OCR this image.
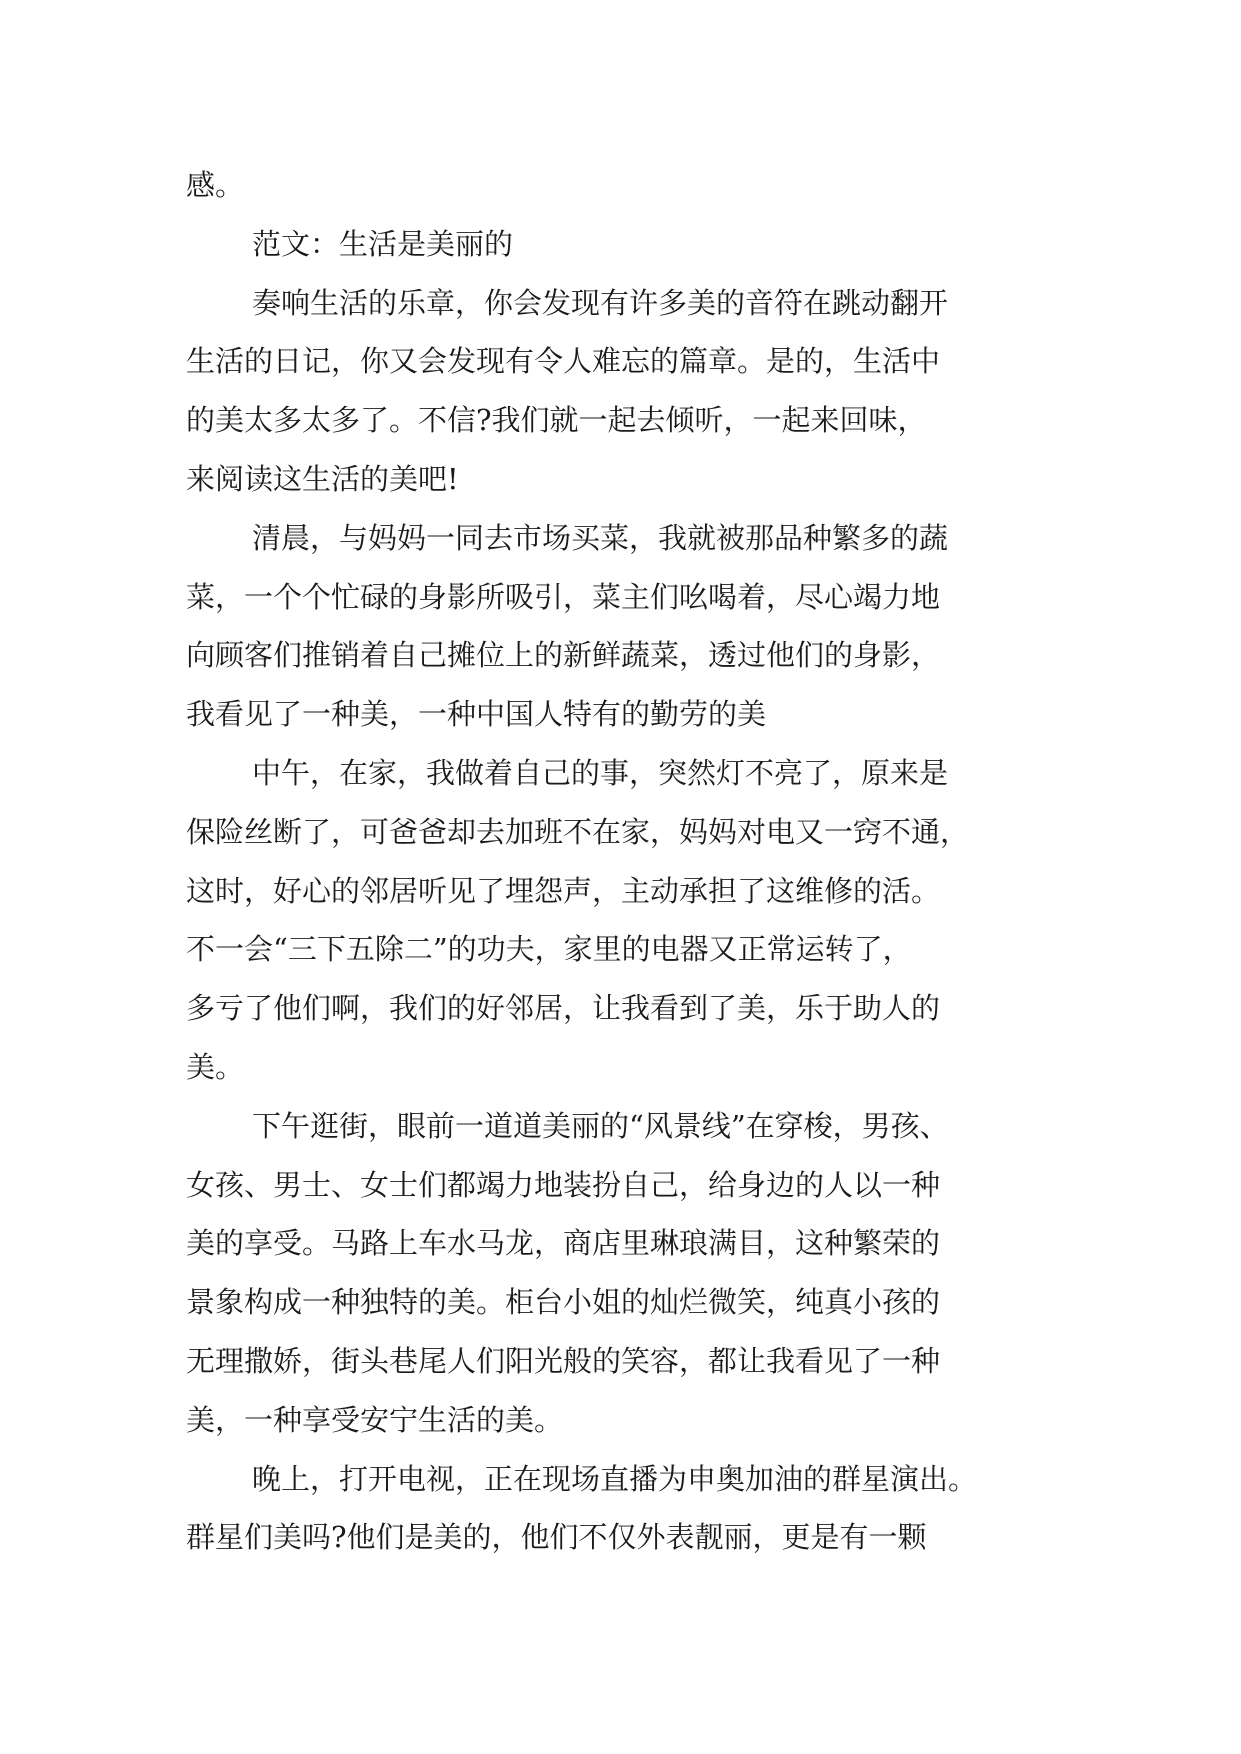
感。
范文：生活是美丽的
奏响生活的乐章，你会发现有许多美的音符在跳动翻开
生活的日记，你又会发现有令人难忘的篇章。是的，生活中
的美太多太多了。不信?我们就一起去倾听，一起来回味，
来阅读这生活的美吧!
清晨，与妈妈一同去市场买菜，我就被那品种繁多的蔬
菜，一个个忙碌的身影所吸引，菜主们吆喝着，尽心竭力地
向顾客们推销着自己摊位上的新鲜蔬菜，透过他们的身影，
我看见了一种美，一种中国人特有的勤劳的美
中午，在家，我做着自己的事，突然灯不亮了，原来是
保险丝断了，可爸爸却去加班不在家，妈妈对电又一窍不通，
这时，好心的邻居听见了埋怨声，主动承担了这维修的活。
不一会“三下五除二”的功夫，家里的电器又正常运转了，
多亏了他们啊，我们的好邻居，让我看到了美，乐于助人的
美。
下午逛街，眼前一道道美丽的“风景线”在穿梭，男孩、
女孩、男士、女士们都竭力地装扮自己，给身边的人以一种
美的享受。马路上车水马龙，商店里琳琅满目，这种繁荣的
景象构成一种独特的美。柜台小姐的灿烂微笑，纯真小孩的
无理撒娇，街头巷尾人们阳光般的笑容，都让我看见了一种
美，一种享受安宁生活的美。
晚上，打开电视，正在现场直播为申奥加油的群星演出。
群星们美吗?他们是美的，他们不仅外表靓丽，更是有一颗
